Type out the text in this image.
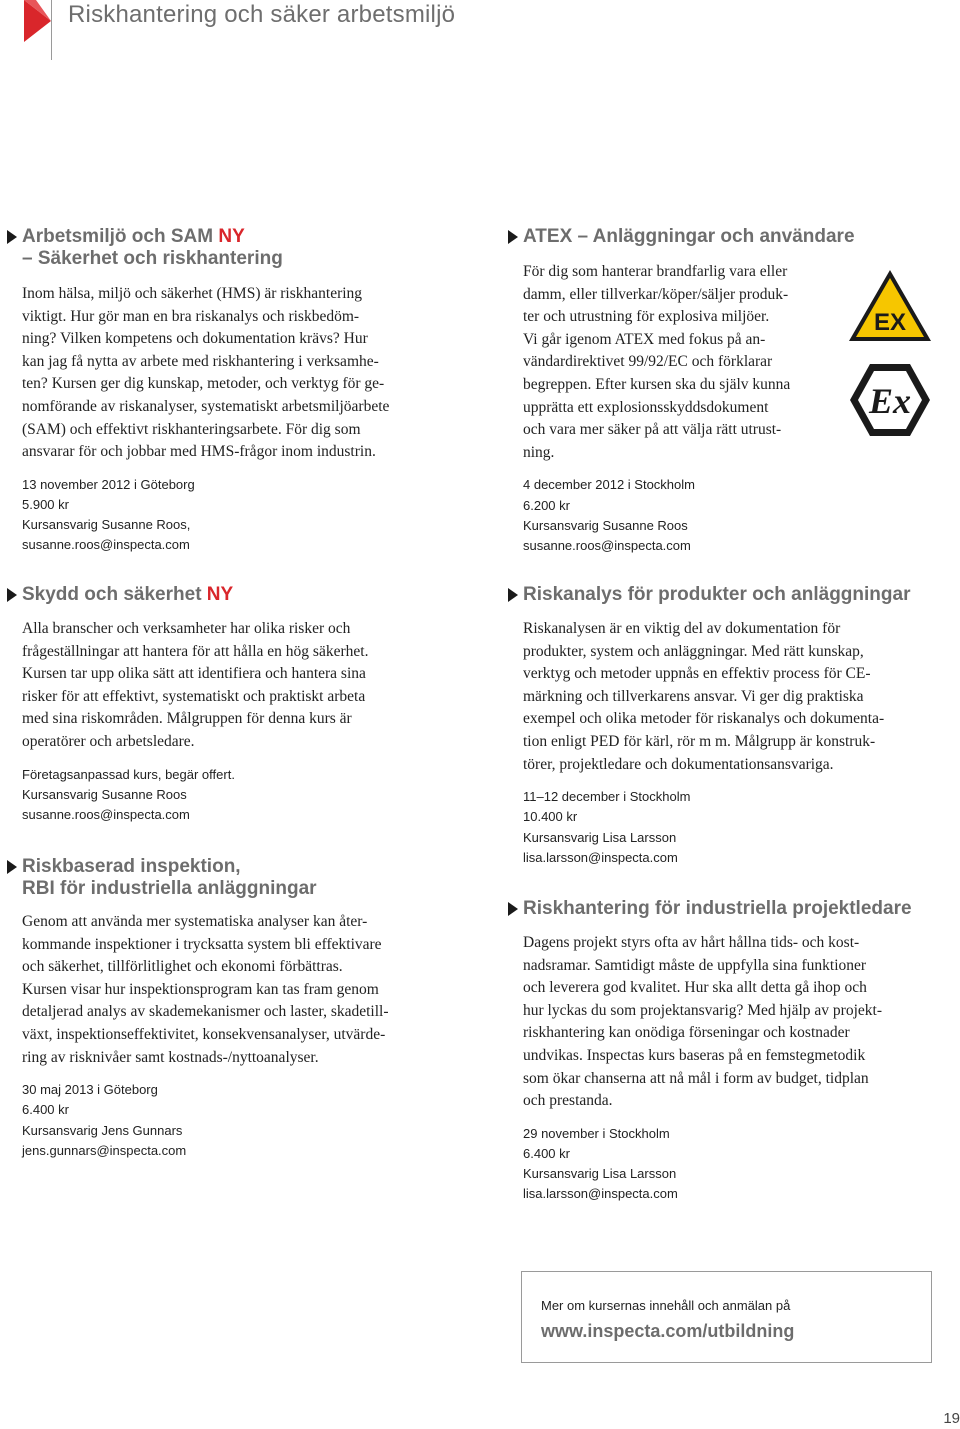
Riskhantering och säker arbetsmiljö
Arbetsmiljö och SAM NY
– Säkerhet och riskhantering

Inom hälsa, miljö och säkerhet (HMS) är riskhantering

viktigt. Hur gör man en bra riskanalys och riskbedöm-

ning? Vilken kompetens och dokumentation krävs? Hur

kan jag få nytta av arbete med riskhantering i verksamhe-

ten? Kursen ger dig kunskap, metoder, och verktyg för ge-

nomförande av riskanalyser, systematiskt arbetsmiljöarbete

(SAM) och effektivt riskhanteringsarbete. För dig som

ansvarar för och jobbar med HMS-frågor inom industrin.

13 november 2012 i Göteborg

5.900 kr

Kursansvarig Susanne Roos,

susanne.roos@inspecta.com

Skydd och säkerhet NY

Alla branscher och verksamheter har olika risker och

frågeställningar att hantera för att hålla en hög säkerhet.

Kursen tar upp olika sätt att identifiera och hantera sina

risker för att effektivt, systematiskt och praktiskt arbeta

med sina riskområden. Målgruppen för denna kurs är

operatörer och arbetsledare.

Företagsanpassad kurs, begär offert.

Kursansvarig Susanne Roos

susanne.roos@inspecta.com

Riskbaserad inspektion,
RBI för industriella anläggningar

Genom att använda mer systematiska analyser kan åter-

kommande inspektioner i trycksatta system bli effektivare

och säkerhet, tillförlitlighet och ekonomi förbättras.

Kursen visar hur inspektionsprogram kan tas fram genom

detaljerad analys av skademekanismer och laster, skadetill-

växt, inspektionseffektivitet, konsekvensanalyser, utvärde-

ring av risknivåer samt kostnads-/nyttoanalyser.

30 maj 2013 i Göteborg

6.400 kr

Kursansvarig Jens Gunnars

jens.gunnars@inspecta.com

ATEX – Anläggningar och användare

För dig som hanterar brandfarlig vara eller

damm, eller tillverkar/köper/säljer produk-

ter och utrustning för explosiva miljöer.

Vi går igenom ATEX med fokus på an-

vändardirektivet 99/92/EC och förklarar

begreppen. Efter kursen ska du själv kunna

upprätta ett explosionsskyddsdokument

och vara mer säker på att välja rätt utrust-

ning.

4 december 2012 i Stockholm

6.200 kr

Kursansvarig Susanne Roos

susanne.roos@inspecta.com

EX

Ex
Riskanalys för produkter och anläggningar

Riskanalysen är en viktig del av dokumentation för

produkter, system och anläggningar. Med rätt kunskap,

verktyg och metoder uppnås en effektiv process för CE-

märkning och tillverkarens ansvar. Vi ger dig praktiska

exempel och olika metoder för riskanalys och dokumenta-

tion enligt PED för kärl, rör m m. Målgrupp är konstruk-

törer, projektledare och dokumentationsansvariga.

11–12 december i Stockholm

10.400 kr

Kursansvarig Lisa Larsson

lisa.larsson@inspecta.com

Riskhantering för industriella projektledare

Dagens projekt styrs ofta av hårt hållna tids- och kost-

nadsramar. Samtidigt måste de uppfylla sina funktioner

och leverera god kvalitet. Hur ska allt detta gå ihop och

hur lyckas du som projektansvarig? Med hjälp av projekt-

riskhantering kan onödiga förseningar och kostnader

undvikas. Inspectas kurs baseras på en femstegmetodik

som ökar chanserna att nå mål i form av budget, tidplan

och prestanda.

29 november i Stockholm

6.400 kr

Kursansvarig Lisa Larsson

lisa.larsson@inspecta.com

Mer om kursernas innehåll och anmälan på
www.inspecta.com/utbildning
19
